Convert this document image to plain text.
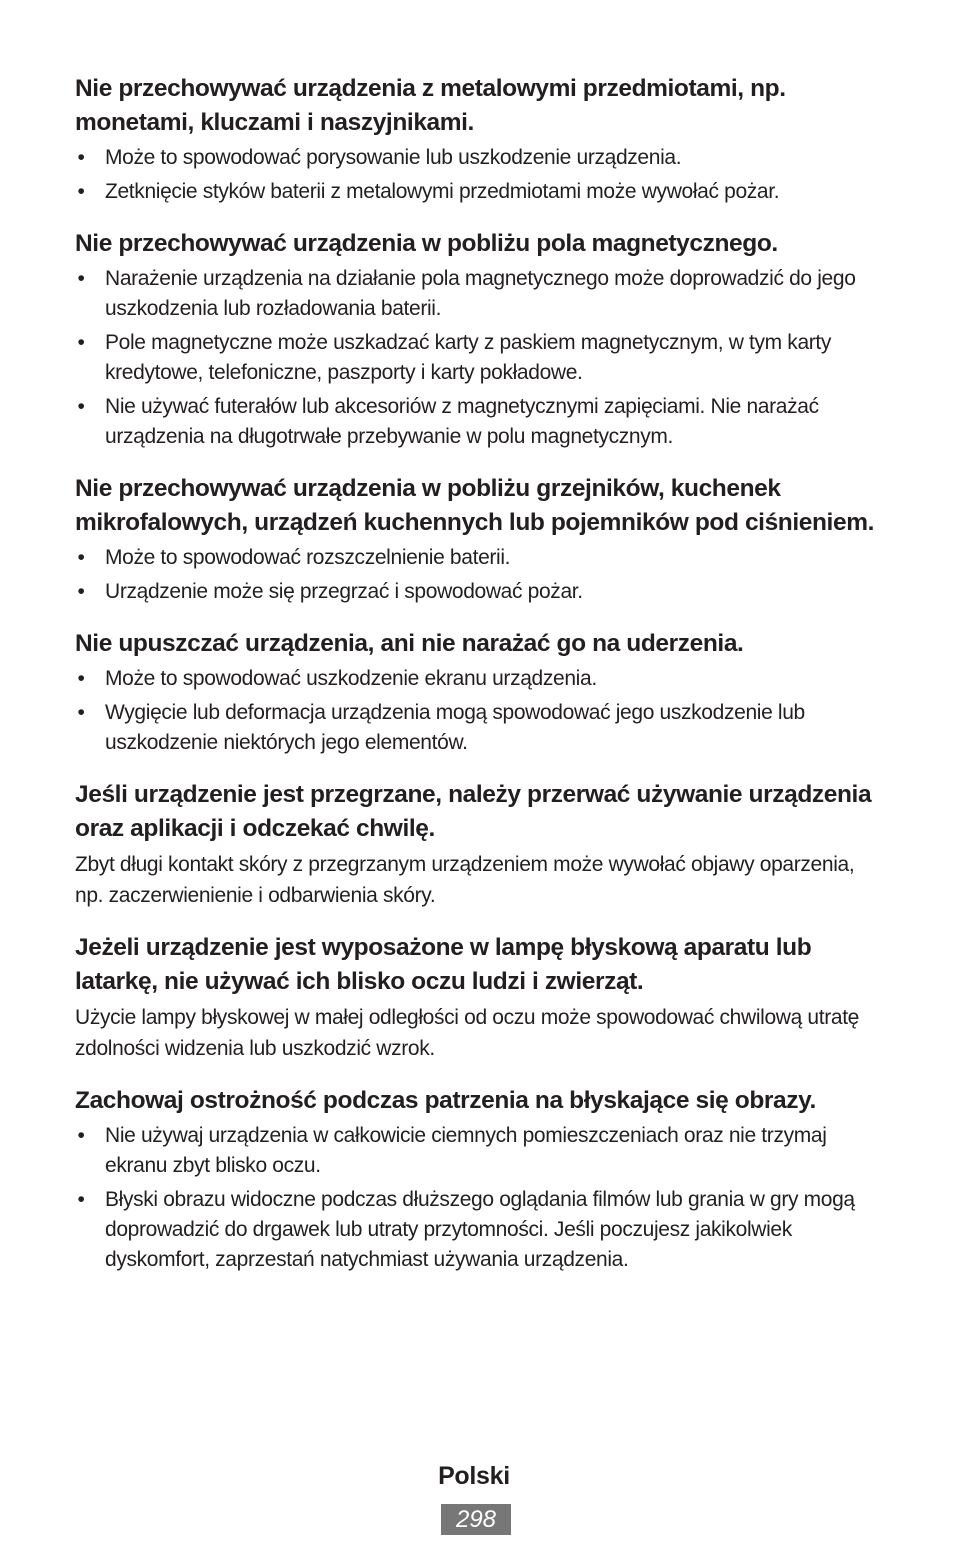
Nie przechowywać urządzenia z metalowymi przedmiotami, np. monetami, kluczami i naszyjnikami.
• Może to spowodować porysowanie lub uszkodzenie urządzenia.
• Zetknięcie styków baterii z metalowymi przedmiotami może wywołać pożar.
Nie przechowywać urządzenia w pobliżu pola magnetycznego.
• Narażenie urządzenia na działanie pola magnetycznego może doprowadzić do jego uszkodzenia lub rozładowania baterii.
• Pole magnetyczne może uszkadzać karty z paskiem magnetycznym, w tym karty kredytowe, telefoniczne, paszporty i karty pokładowe.
• Nie używać futerałów lub akcesoriów z magnetycznymi zapięciami. Nie narażać urządzenia na długotrwałe przebywanie w polu magnetycznym.
Nie przechowywać urządzenia w pobliżu grzejników, kuchenek mikrofalowych, urządzeń kuchennych lub pojemników pod ciśnieniem.
• Może to spowodować rozszczelnienie baterii.
• Urządzenie może się przegrzać i spowodować pożar.
Nie upuszczać urządzenia, ani nie narażać go na uderzenia.
• Może to spowodować uszkodzenie ekranu urządzenia.
• Wygięcie lub deformacja urządzenia mogą spowodować jego uszkodzenie lub uszkodzenie niektórych jego elementów.
Jeśli urządzenie jest przegrzane, należy przerwać używanie urządzenia oraz aplikacji i odczekać chwilę.

Zbyt długi kontakt skóry z przegrzanym urządzeniem może wywołać objawy oparzenia, np. zaczerwienienie i odbarwienia skóry.

Jeżeli urządzenie jest wyposażone w lampę błyskową aparatu lub latarkę, nie używać ich blisko oczu ludzi i zwierząt.

Użycie lampy błyskowej w małej odległości od oczu może spowodować chwilową utratę zdolności widzenia lub uszkodzić wzrok.

Zachowaj ostrożność podczas patrzenia na błyskające się obrazy.
• Nie używaj urządzenia w całkowicie ciemnych pomieszczeniach oraz nie trzymaj ekranu zbyt blisko oczu.
• Błyski obrazu widoczne podczas dłuższego oglądania filmów lub grania w gry mogą doprowadzić do drgawek lub utraty przytomności. Jeśli poczujesz jakikolwiek dyskomfort, zaprzestań natychmiast używania urządzenia.
Polski
298
